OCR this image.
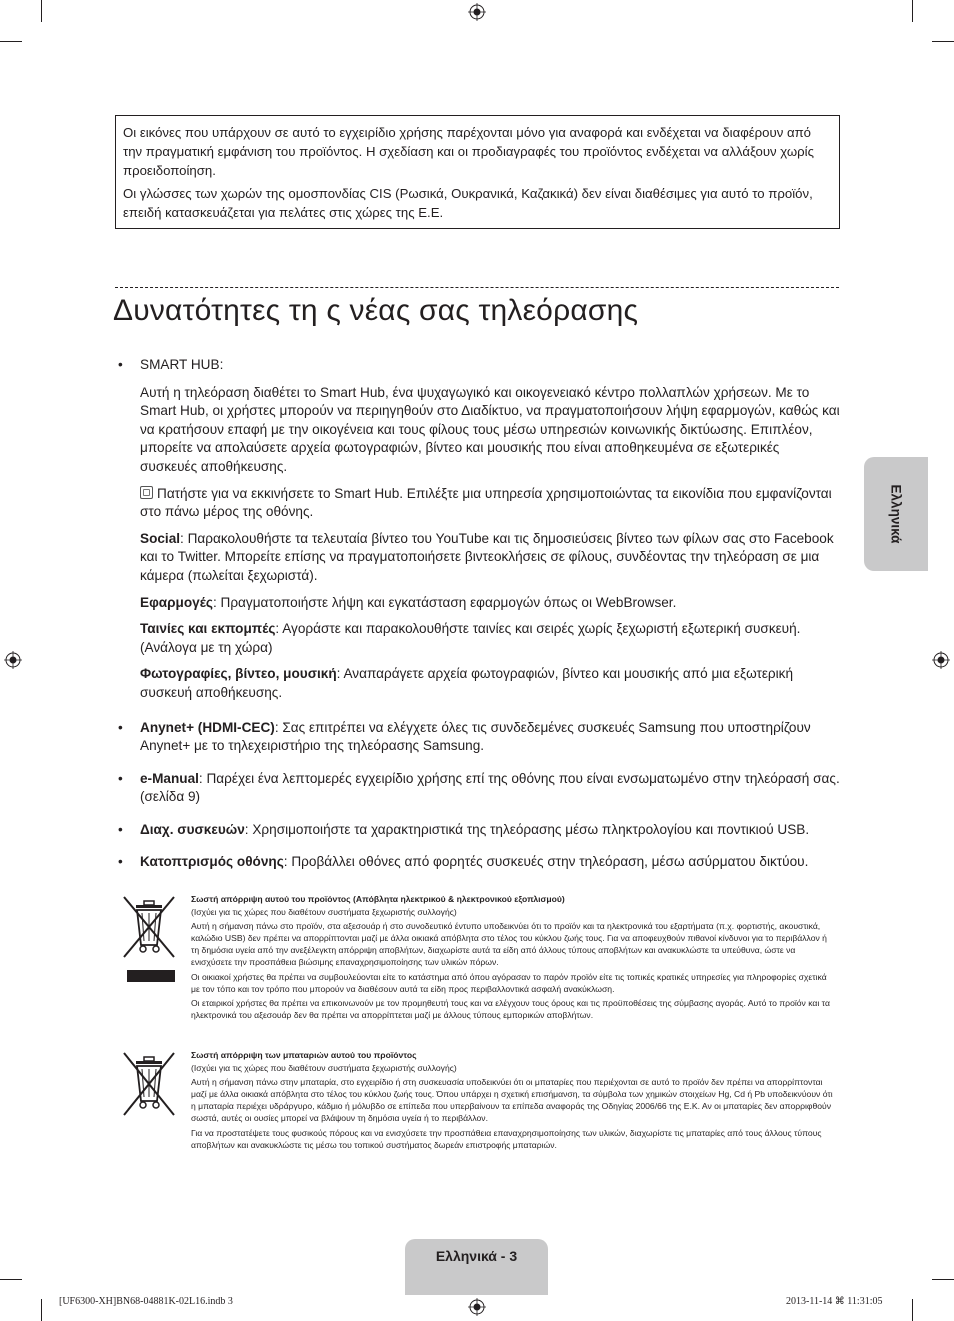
Οι εικόνες που υπάρχουν σε αυτό το εγχειρίδιο χρήσης παρέχονται μόνο για αναφορά και ενδέχεται να διαφέρουν από την πραγματική εμφάνιση του προϊόντος. Η σχεδίαση και οι προδιαγραφές του προϊόντος ενδέχεται να αλλάξουν χωρίς προειδοποίηση.

Οι γλώσσες των χωρών της ομοσπονδίας CIS (Ρωσικά, Ουκρανικά, Καζακικά) δεν είναι διαθέσιμες για αυτό το προϊόν, επειδή κατασκευάζεται για πελάτες στις χώρες της Ε.Ε.

Δυνατότητες τη ς νέας σας τηλεόρασης
• SMART HUB:

Αυτή η τηλεόραση διαθέτει το Smart Hub, ένα ψυχαγωγικό και οικογενειακό κέντρο πολλαπλών χρήσεων. Με το Smart Hub, οι χρήστες μπορούν να περιηγηθούν στο Διαδίκτυο, να πραγματοποιήσουν λήψη εφαρμογών, καθώς και να κρατήσουν επαφή με την οικογένεια και τους φίλους τους μέσω υπηρεσιών κοινωνικής δικτύωσης. Επιπλέον, μπορείτε να απολαύσετε αρχεία φωτογραφιών, βίντεο και μουσικής που είναι αποθηκευμένα σε εξωτερικές συσκευές αποθήκευσης.

Πατήστε για να εκκινήσετε το Smart Hub. Επιλέξτε μια υπηρεσία χρησιμοποιώντας τα εικονίδια που εμφανίζονται στο πάνω μέρος της οθόνης.

Social: Παρακολουθήστε τα τελευταία βίντεο του YouTube και τις δημοσιεύσεις βίντεο των φίλων σας στο Facebook και το Twitter. Μπορείτε επίσης να πραγματοποιήσετε βιντεοκλήσεις σε φίλους, συνδέοντας την τηλεόραση σε μια κάμερα (πωλείται ξεχωριστά).

Εφαρμογές: Πραγματοποιήστε λήψη και εγκατάσταση εφαρμογών όπως οι WebBrowser.

Ταινίες και εκπομπές: Αγοράστε και παρακολουθήστε ταινίες και σειρές χωρίς ξεχωριστή εξωτερική συσκευή. (Ανάλογα με τη χώρα)

Φωτογραφίες, βίντεο, μουσική: Αναπαράγετε αρχεία φωτογραφιών, βίντεο και μουσικής από μια εξωτερική συσκευή αποθήκευσης.

• Anynet+ (HDMI-CEC): Σας επιτρέπει να ελέγχετε όλες τις συνδεδεμένες συσκευές Samsung που υποστηρίζουν Anynet+ με το τηλεχειριστήριο της τηλεόρασης Samsung.

• e-Manual: Παρέχει ένα λεπτομερές εγχειρίδιο χρήσης επί της οθόνης που είναι ενσωματωμένο στην τηλεόρασή σας. (σελίδα 9)

• Διαχ. συσκευών: Χρησιμοποιήστε τα χαρακτηριστικά της τηλεόρασης μέσω πληκτρολογίου και ποντικιού USB.

• Κατοπτρισμός οθόνης: Προβάλλει οθόνες από φορητές συσκευές στην τηλεόραση, μέσω ασύρματου δικτύου.

Σωστή απόρριψη αυτού του προϊόντος (Απόβλητα ηλεκτρικού & ηλεκτρονικού εξοπλισμού)

(Ισχύει για τις χώρες που διαθέτουν συστήματα ξεχωριστής συλλογής)

Αυτή η σήμανση πάνω στο προϊόν, στα αξεσουάρ ή στο συνοδευτικό έντυπο υποδεικνύει ότι το προϊόν και τα ηλεκτρονικά του εξαρτήματα (π.χ. φορτιστής, ακουστικά, καλώδιο USB) δεν πρέπει να απορρίπτονται μαζί με άλλα οικιακά απόβλητα στο τέλος του κύκλου ζωής τους. Για να αποφευχθούν πιθανοί κίνδυνοι για το περιβάλλον ή τη δημόσια υγεία από την ανεξέλεγκτη απόρριψη αποβλήτων, διαχωρίστε αυτά τα είδη από άλλους τύπους αποβλήτων και ανακυκλώστε τα υπεύθυνα, ώστε να ενισχύσετε την προσπάθεια βιώσιμης επαναχρησιμοποίησης των υλικών πόρων.

Οι οικιακοί χρήστες θα πρέπει να συμβουλεύονται είτε το κατάστημα από όπου αγόρασαν το παρόν προϊόν είτε τις τοπικές κρατικές υπηρεσίες για πληροφορίες σχετικά με τον τόπο και τον τρόπο που μπορούν να διαθέσουν αυτά τα είδη προς περιβαλλοντικά ασφαλή ανακύκλωση.

Οι εταιρικοί χρήστες θα πρέπει να επικοινωνούν με τον προμηθευτή τους και να ελέγχουν τους όρους και τις προϋποθέσεις της σύμβασης αγοράς. Αυτό το προϊόν και τα ηλεκτρονικά του αξεσουάρ δεν θα πρέπει να απορρίπτεται μαζί με άλλους τύπους εμπορικών αποβλήτων.

Σωστή απόρριψη των μπαταριών αυτού του προϊόντος

(Ισχύει για τις χώρες που διαθέτουν συστήματα ξεχωριστής συλλογής)

Αυτή η σήμανση πάνω στην μπαταρία, στο εγχειρίδιο ή στη συσκευασία υποδεικνύει ότι οι μπαταρίες που περιέχονται σε αυτό το προϊόν δεν πρέπει να απορρίπτονται μαζί με άλλα οικιακά απόβλητα στο τέλος του κύκλου ζωής τους. Όπου υπάρχει η σχετική επισήμανση, τα σύμβολα των χημικών στοιχείων Hg, Cd ή Pb υποδεικνύουν ότι η μπαταρία περιέχει υδράργυρο, κάδμιο ή μόλυβδο σε επίπεδα που υπερβαίνουν τα επίπεδα αναφοράς της Οδηγίας 2006/66 της Ε.Κ. Αν οι μπαταρίες δεν απορριφθούν σωστά, αυτές οι ουσίες μπορεί να βλάψουν τη δημόσια υγεία ή το περιβάλλον.

Για να προστατέψετε τους φυσικούς πόρους και να ενισχύσετε την προσπάθεια επαναχρησιμοποίησης των υλικών, διαχωρίστε τις μπαταρίες από τους άλλους τύπους αποβλήτων και ανακυκλώστε τις μέσω του τοπικού συστήματος δωρεάν επιστροφής μπαταριών.

Ελληνικά
Ελληνικά - 3
[UF6300-XH]BN68-04881K-02L16.indb 3	2013-11-14 ⌘ 11:31:05
